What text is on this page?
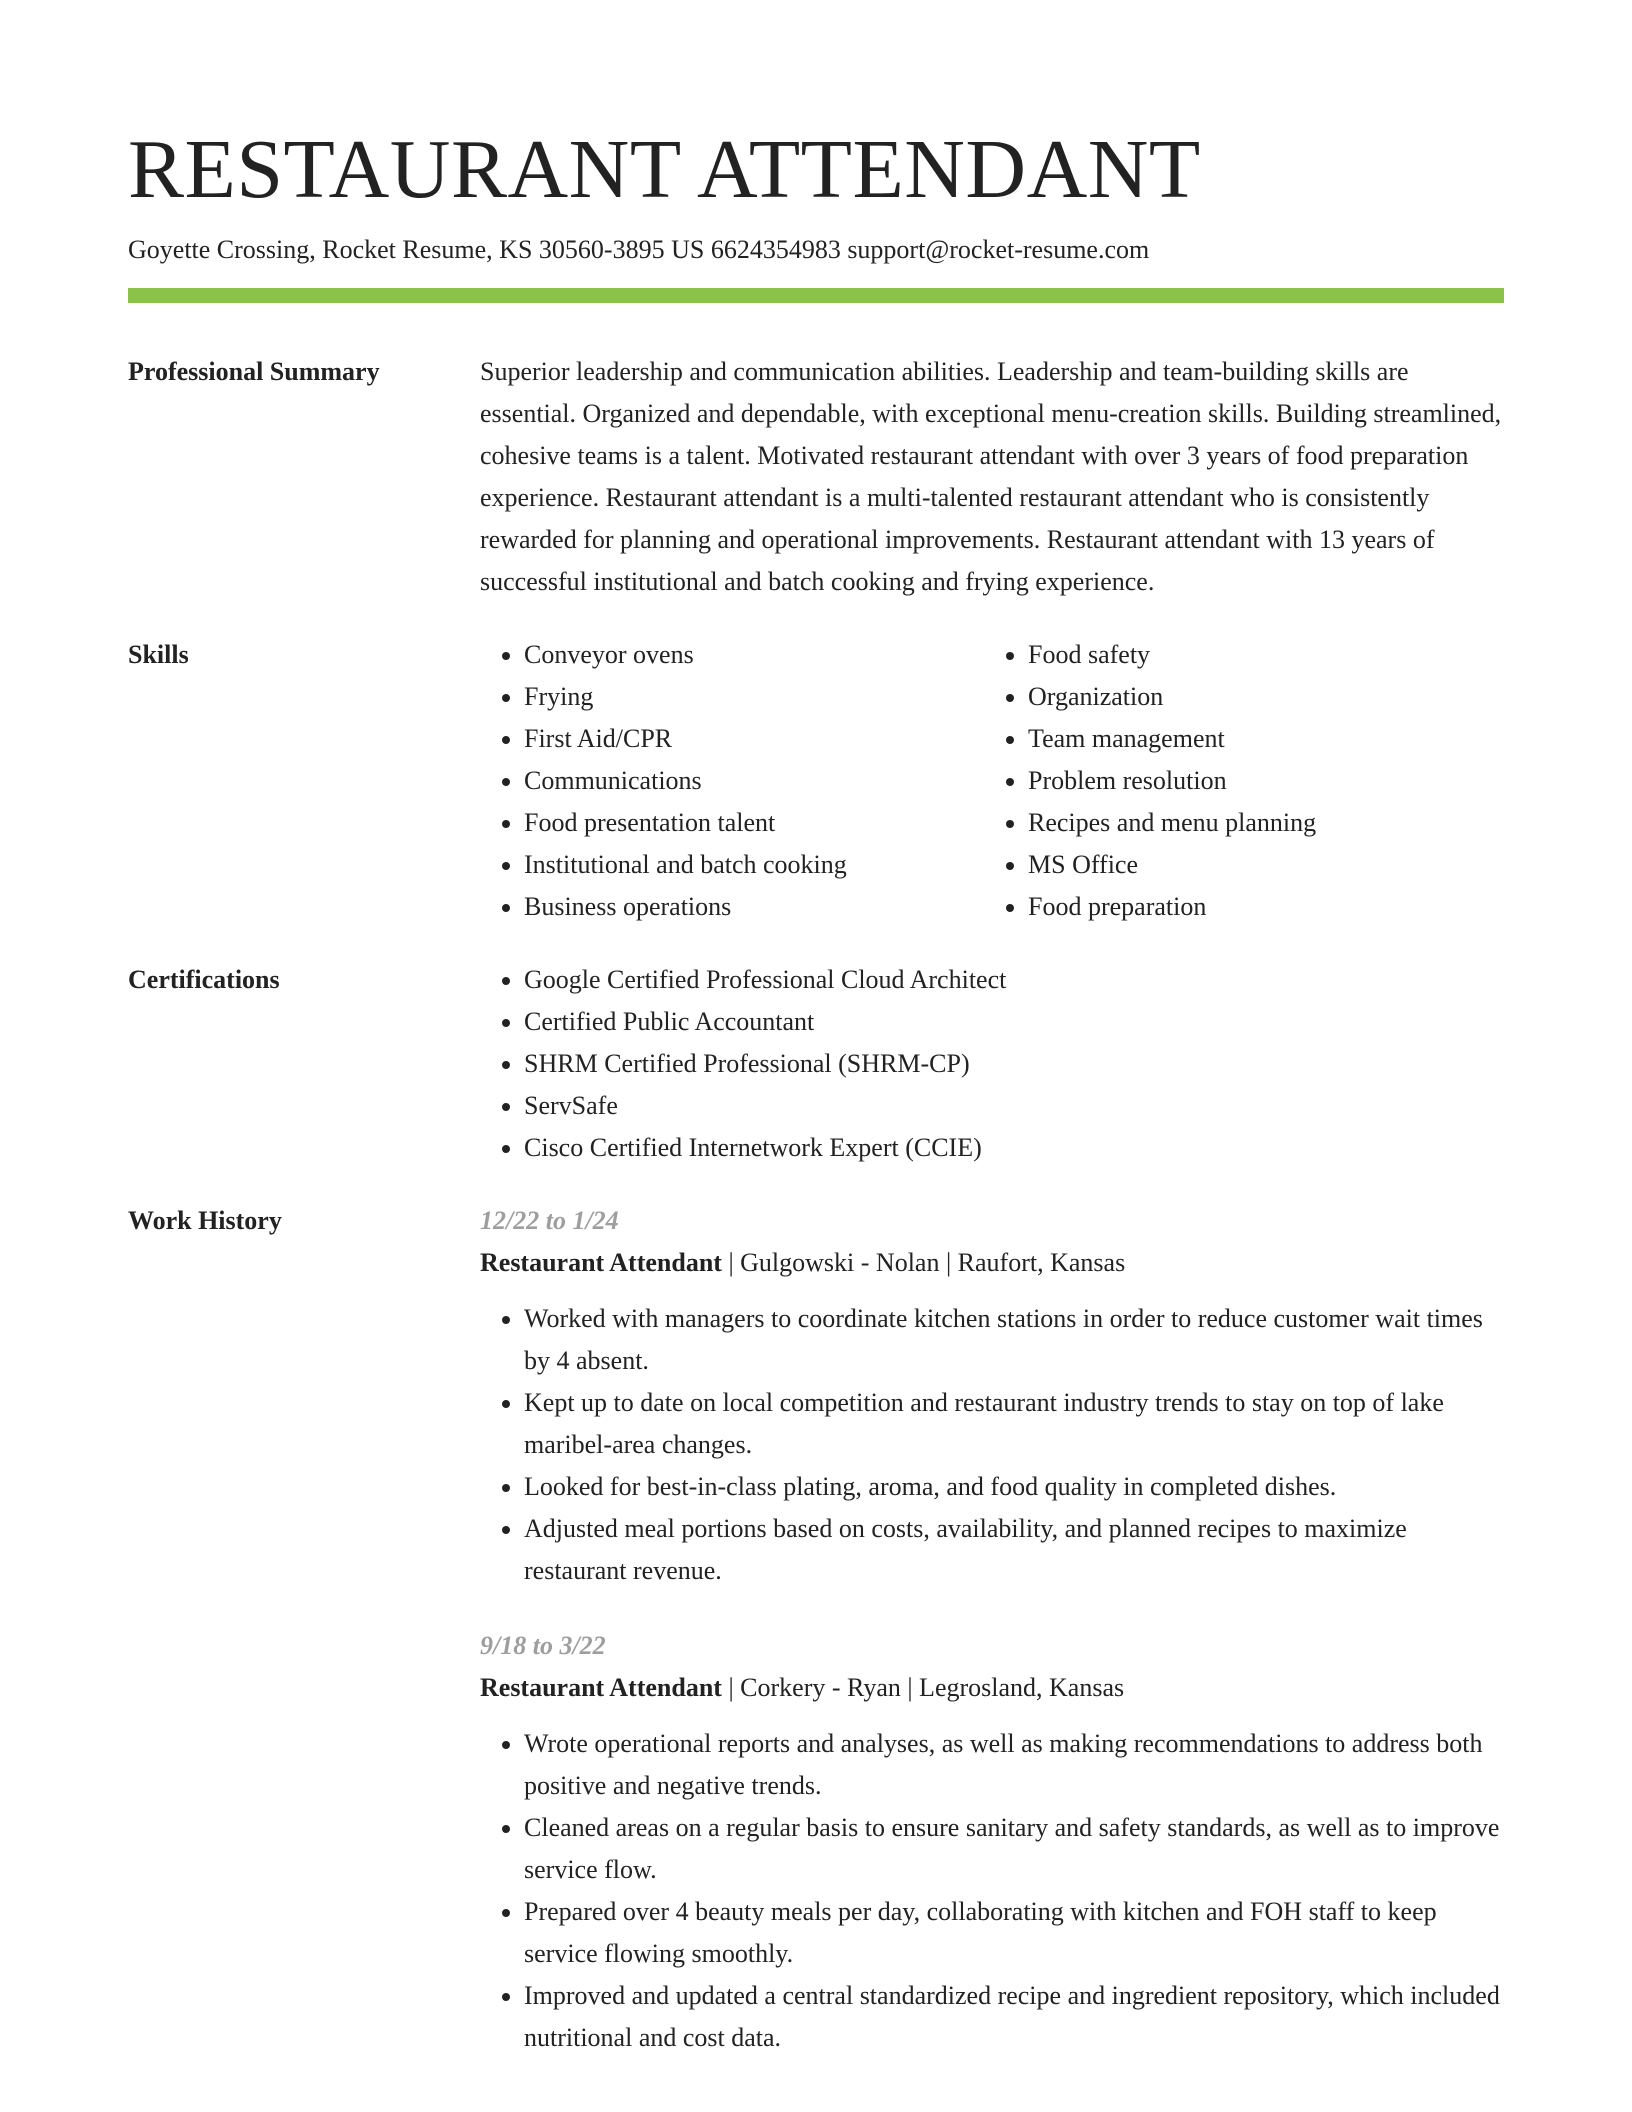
RESTAURANT ATTENDANT
Goyette Crossing, Rocket Resume, KS 30560-3895 US 6624354983 support@rocket-resume.com
Professional Summary	Superior leadership and communication abilities. Leadership and team-building skills are essential. Organized and dependable, with exceptional menu-creation skills. Building streamlined, cohesive teams is a talent. Motivated restaurant attendant with over 3 years of food preparation experience. Restaurant attendant is a multi-talented restaurant attendant who is consistently rewarded for planning and operational improvements. Restaurant attendant with 13 years of successful institutional and batch cooking and frying experience.

Skills	• Conveyor ovens
• Frying
• First Aid/CPR
• Communications
• Food presentation talent
• Institutional and batch cooking
• Business operations
• Food safety
• Organization
• Team management
• Problem resolution
• Recipes and menu planning
• MS Office
• Food preparation
Certifications	• Google Certified Professional Cloud Architect
• Certified Public Accountant
• SHRM Certified Professional (SHRM-CP)
• ServSafe
• Cisco Certified Internetwork Expert (CCIE)
Work History	12/22 to 1/24
Restaurant Attendant | Gulgowski - Nolan | Raufort, Kansas
• Worked with managers to coordinate kitchen stations in order to reduce customer wait times by 4 absent.
• Kept up to date on local competition and restaurant industry trends to stay on top of lake maribel-area changes.
• Looked for best-in-class plating, aroma, and food quality in completed dishes.
• Adjusted meal portions based on costs, availability, and planned recipes to maximize restaurant revenue.
9/18 to 3/22
Restaurant Attendant | Corkery - Ryan | Legrosland, Kansas
• Wrote operational reports and analyses, as well as making recommendations to address both positive and negative trends.
• Cleaned areas on a regular basis to ensure sanitary and safety standards, as well as to improve service flow.
• Prepared over 4 beauty meals per day, collaborating with kitchen and FOH staff to keep service flowing smoothly.
• Improved and updated a central standardized recipe and ingredient repository, which included nutritional and cost data.
